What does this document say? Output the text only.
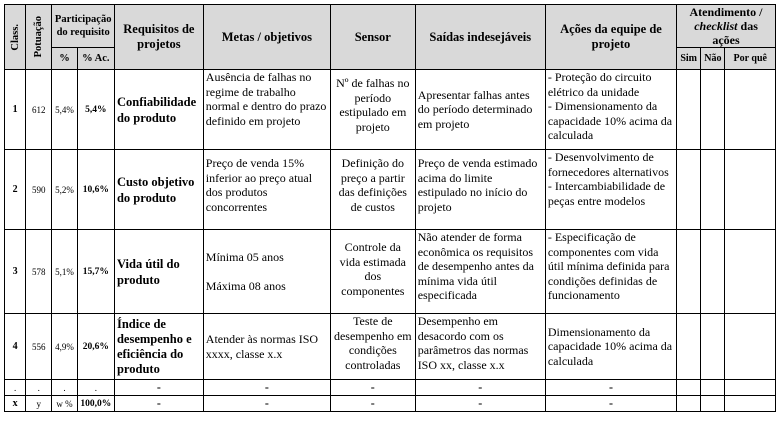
Class.	Potuação	Participação do requisito		Requisitos de projetos	Metas / objetivos	Sensor	Saídas indesejáveis	Ações da equipe de projeto	Atendimento /
checklist das ações		
		%	% Ac.						Sim	Não	Por quê
1	612	5,4%	5,4%	Confiabilidade do produto	Ausência de falhas no regime de trabalho normal e dentro do prazo definido em projeto	Nº de falhas no período estipulado em projeto	Apresentar falhas antes do período determinado em projeto	- Proteção do circuito elétrico da unidade
- Dimensionamento da capacidade 10% acima da calculada			

2	590	5,2%	10,6%	Custo objetivo do produto	Preço de venda 15% inferior ao preço atual dos produtos concorrentes	Definição do preço a partir das definições de custos	Preço de venda estimado acima do limite estipulado no início do projeto	- Desenvolvimento de fornecedores alternativos
- Intercambiabilidade de peças entre modelos			

3	578	5,1%	15,7%	Vida útil do produto	Mínima 05 anos
Máxima 08 anos	Controle da vida estimada dos componentes	Não atender de forma econômica os requisitos de desempenho antes da mínima vida útil especificada	- Especificação de componentes com vida útil mínima definida para condições definidas de funcionamento			

4	556	4,9%	20,6%	Índice de desempenho e eficiência do produto	Atender às normas ISO xxxx, classe x.x	Teste de desempenho em condições controladas	Desempenho em desacordo com os parâmetros das normas ISO xx, classe x.x	Dimensionamento da capacidade 10% acima da calculada			

.	.	.	.	-	-	-	-	-			
x	y	w %	100,0%	-	-	-	-	-			
